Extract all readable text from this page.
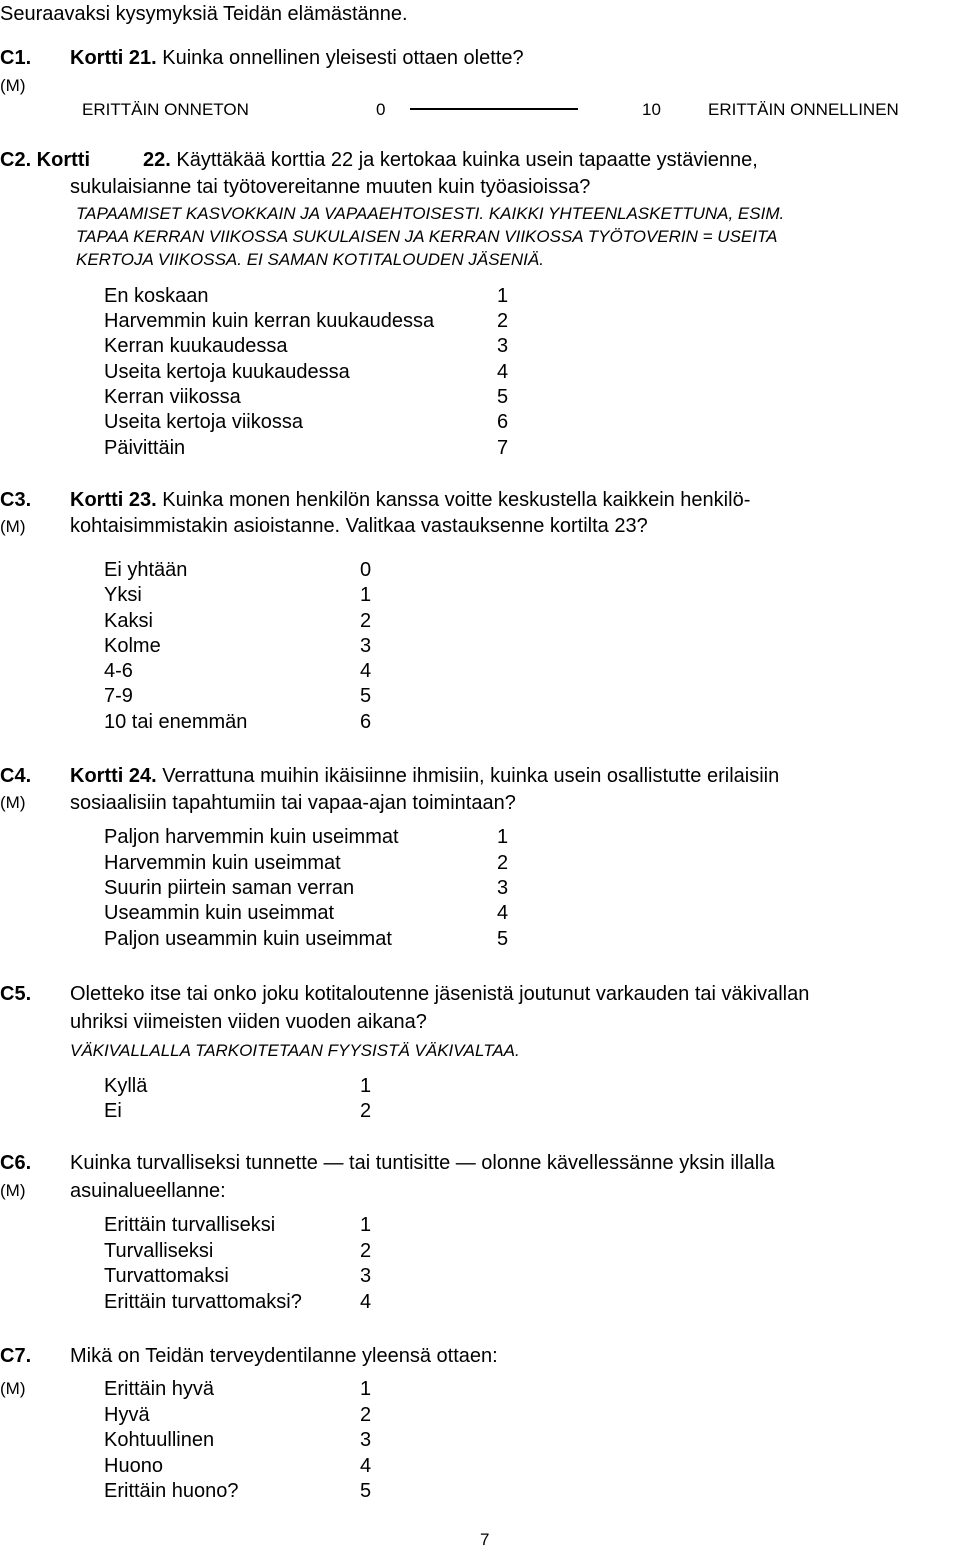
Seuraavaksi kysymyksiä Teidän elämästänne.
C1. Kortti 21. Kuinka onnellinen yleisesti ottaen olette?
(M)
ERITTÄIN ONNETON	0	10	ERITTÄIN ONNELLINEN
C2. Kortti	22. Käyttäkää korttia 22 ja kertokaa kuinka usein tapaatte ystävienne,
sukulaisianne tai työtovereitanne muuten kuin työasioissa?
TAPAAMISET KASVOKKAIN JA VAPAAEHTOISESTI. KAIKKI YHTEENLASKETTUNA, ESIM.
TAPAA KERRAN VIIKOSSA SUKULAISEN JA KERRAN VIIKOSSA TYÖTOVERIN = USEITA
KERTOJA VIIKOSSA. EI SAMAN KOTITALOUDEN JÄSENIÄ.
En koskaan	1
Harvemmin kuin kerran kuukaudessa	2
Kerran kuukaudessa	3
Useita kertoja kuukaudessa	4
Kerran viikossa	5
Useita kertoja viikossa	6
Päivittäin	7
C3. Kortti 23. Kuinka monen henkilön kanssa voitte keskustella kaikkein henkilö-
(M) kohtaisimmistakin asioistanne. Valitkaa vastauksenne kortilta 23?
Ei yhtään	0
Yksi	1
Kaksi	2
Kolme	3
4-6	4
7-9	5
10 tai enemmän	6
C4. Kortti 24. Verrattuna muihin ikäisiinne ihmisiin, kuinka usein osallistutte erilaisiin
(M) sosiaalisiin tapahtumiin tai vapaa-ajan toimintaan?
Paljon harvemmin kuin useimmat	1
Harvemmin kuin useimmat	2
Suurin piirtein saman verran	3
Useammin kuin useimmat	4
Paljon useammin kuin useimmat	5
C5. Oletteko itse tai onko joku kotitaloutenne jäsenistä joutunut varkauden tai väkivallan
uhriksi viimeisten viiden vuoden aikana?
VÄKIVALLALLA TARKOITETAAN FYYSISTÄ VÄKIVALTAA.
Kyllä	1
Ei	2
C6. Kuinka turvalliseksi tunnette — tai tuntisitte — olonne kävellessänne yksin illalla
(M) asuinalueellanne:
Erittäin turvalliseksi	1
Turvalliseksi	2
Turvattomaksi	3
Erittäin turvattomaksi?	4
C7. Mikä on Teidän terveydentilanne yleensä ottaen:
(M)	Erittäin hyvä	1
Hyvä	2
Kohtuullinen	3
Huono	4
Erittäin huono?	5
7
